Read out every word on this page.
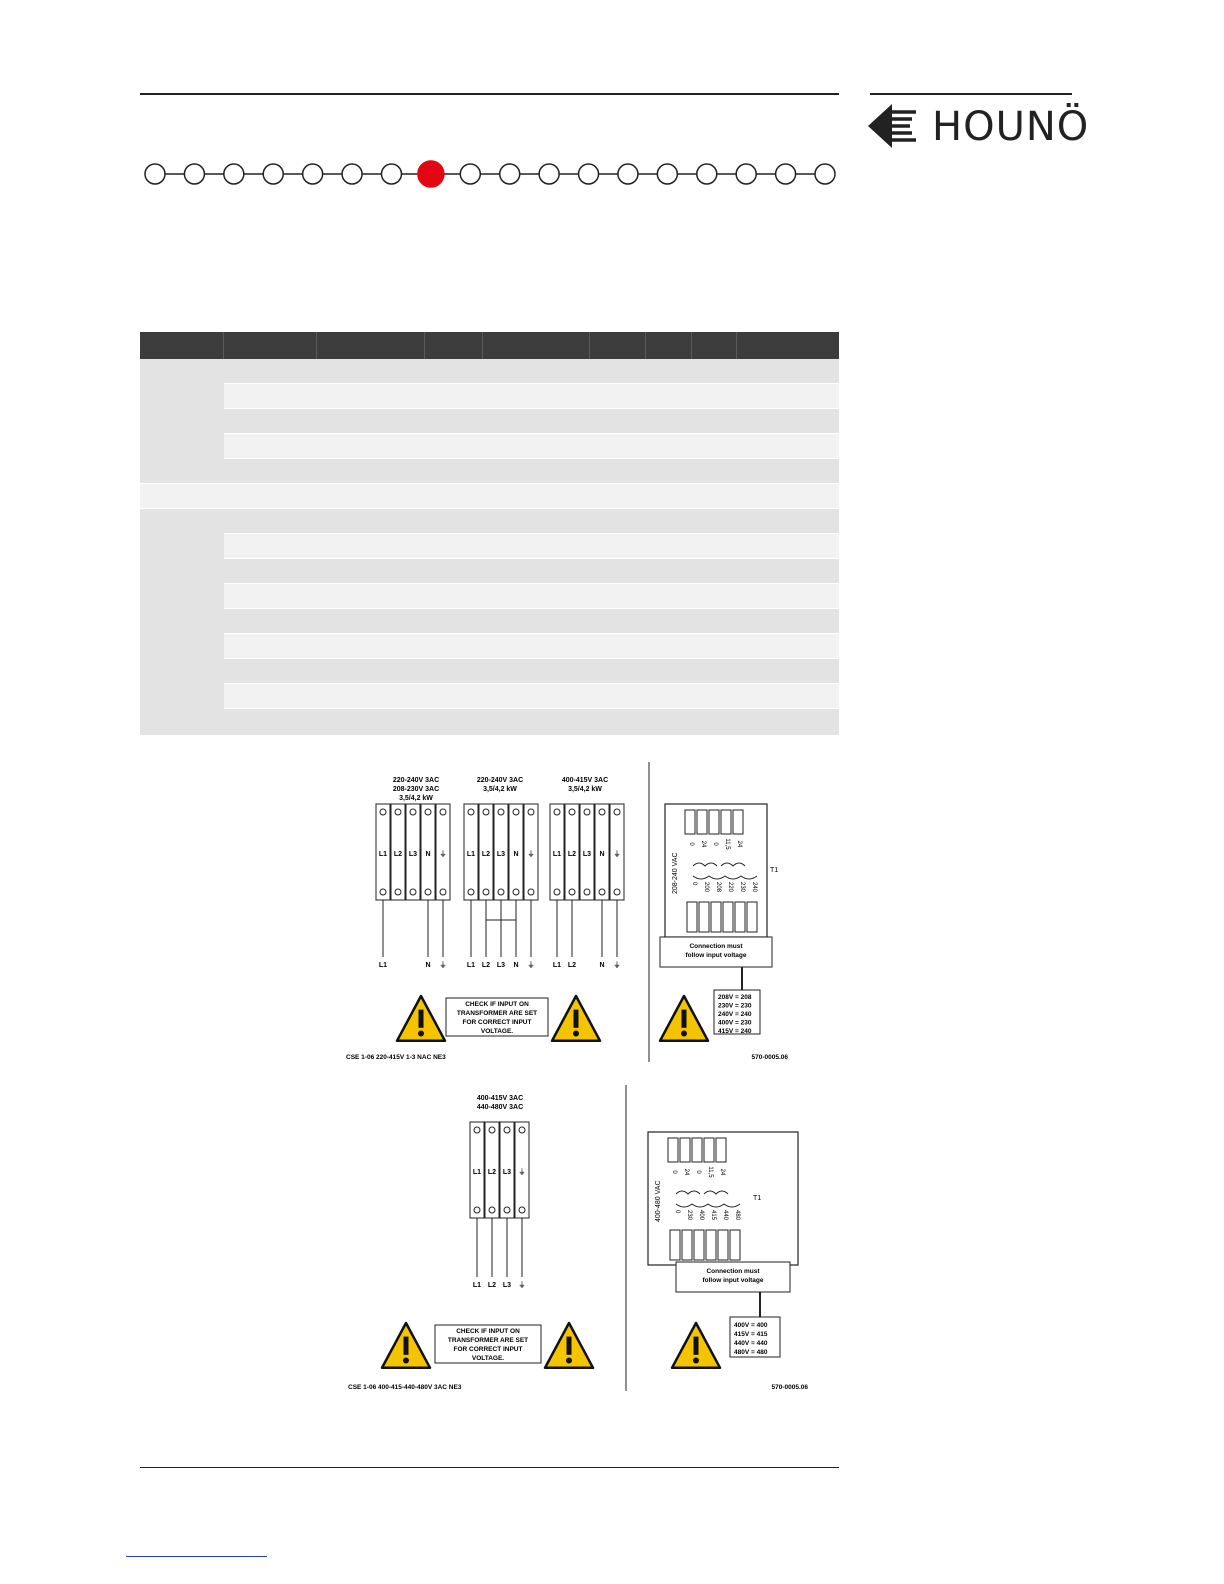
HOUNÖ
220-240V 3AC
208-230V 3AC
3,5/4,2 kW
220-240V 3AC
3,5/4,2 kW
400-415V 3AC
3,5/4,2 kW
L1 L2 L3 N ⏚	L1 L2 L3 N ⏚	L1 L2 L3 N ⏚
L1	N ⏚	L1 L2 L3 N ⏚	L1 L2	N ⏚
CHECK IF INPUT ON
TRANSFORMER ARE SET
FOR CORRECT INPUT
VOLTAGE.
CSE 1-06 220-415V 1-3 NAC NE3
0 24 0 11,5 24
T1
208-240 VAC 0 200 208 220 230 240
Connection must
follow input voltage
208V = 208
230V = 230
240V = 240
400V = 230
415V = 240
570-0005.06
400-415V 3AC
440-480V 3AC
L1 L2 L3 ⏚
L1 L2 L3 ⏚
CHECK IF INPUT ON
TRANSFORMER ARE SET
FOR CORRECT INPUT
VOLTAGE.
CSE 1-06 400-415-440-480V 3AC NE3
0 24 0 11,5 24
T1
400-480 VAC 0 230 400 415 440 480
Connection must
follow input voltage
400V = 400
415V = 415
440V = 440
480V = 480
570-0005.06
